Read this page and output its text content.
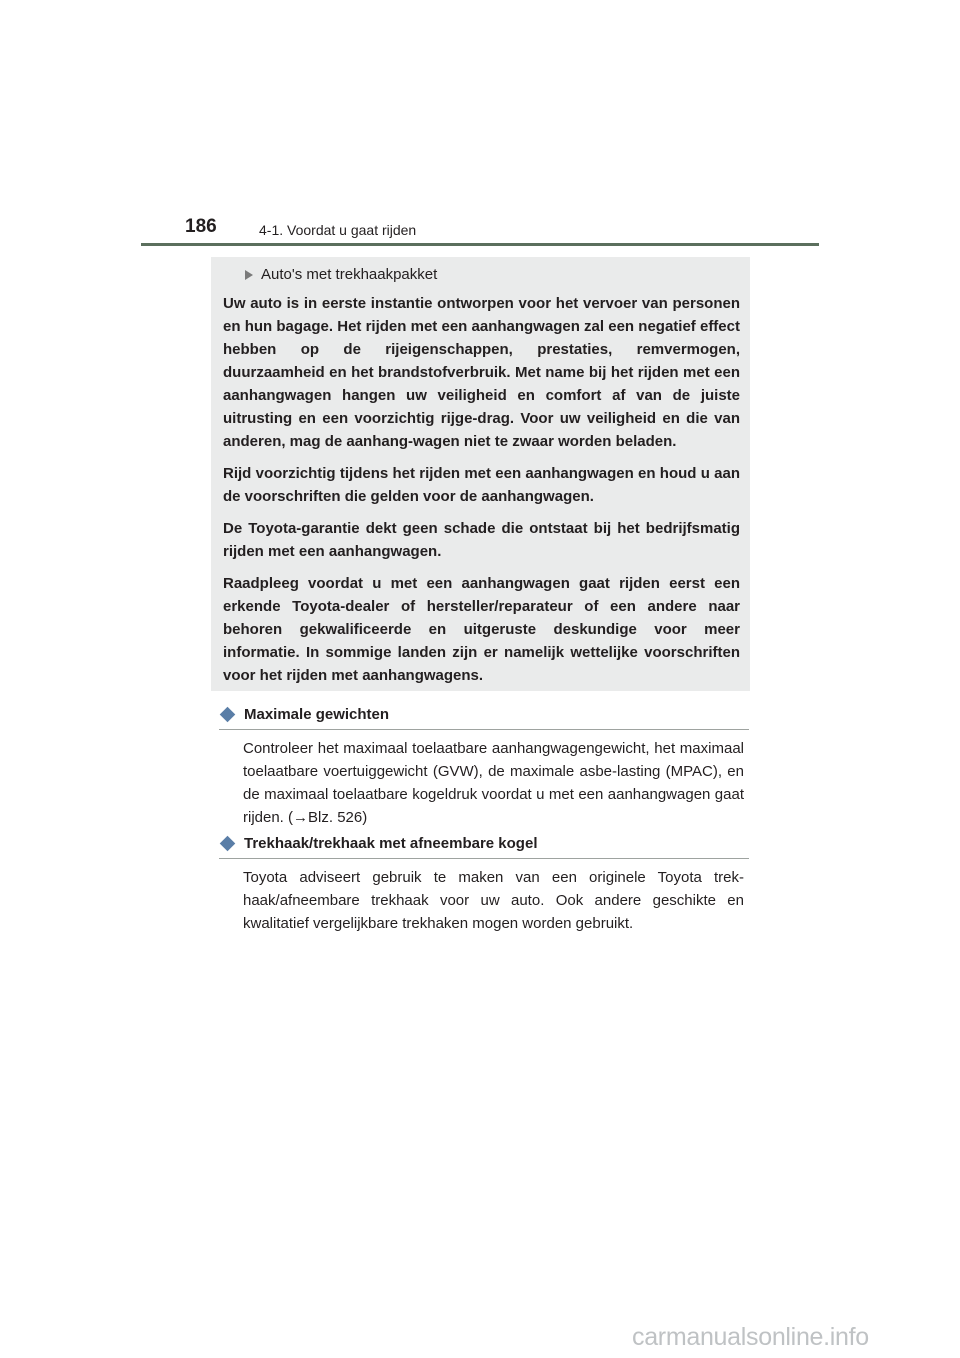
186	4-1. Voordat u gaat rijden
Auto's met trekhaakpakket

Uw auto is in eerste instantie ontworpen voor het vervoer van personen en hun bagage. Het rijden met een aanhangwagen zal een negatief effect hebben op de rijeigenschappen, prestaties, remvermogen, duurzaamheid en het brandstofverbruik. Met name bij het rijden met een aanhangwagen hangen uw veiligheid en comfort af van de juiste uitrusting en een voorzichtig rijge-drag. Voor uw veiligheid en die van anderen, mag de aanhang-wagen niet te zwaar worden beladen.

Rijd voorzichtig tijdens het rijden met een aanhangwagen en houd u aan de voorschriften die gelden voor de aanhangwagen.

De Toyota-garantie dekt geen schade die ontstaat bij het bedrijfsmatig rijden met een aanhangwagen.

Raadpleeg voordat u met een aanhangwagen gaat rijden eerst een erkende Toyota-dealer of hersteller/reparateur of een andere naar behoren gekwalificeerde en uitgeruste deskundige voor meer informatie. In sommige landen zijn er namelijk wettelijke voorschriften voor het rijden met aanhangwagens.

Maximale gewichten

Controleer het maximaal toelaatbare aanhangwagengewicht, het maximaal toelaatbare voertuiggewicht (GVW), de maximale asbe-lasting (MPAC), en de maximaal toelaatbare kogeldruk voordat u met een aanhangwagen gaat rijden. (→Blz. 526)

Trekhaak/trekhaak met afneembare kogel

Toyota adviseert gebruik te maken van een originele Toyota trek-haak/afneembare trekhaak voor uw auto. Ook andere geschikte en kwalitatief vergelijkbare trekhaken mogen worden gebruikt.

carmanualsonline.info
